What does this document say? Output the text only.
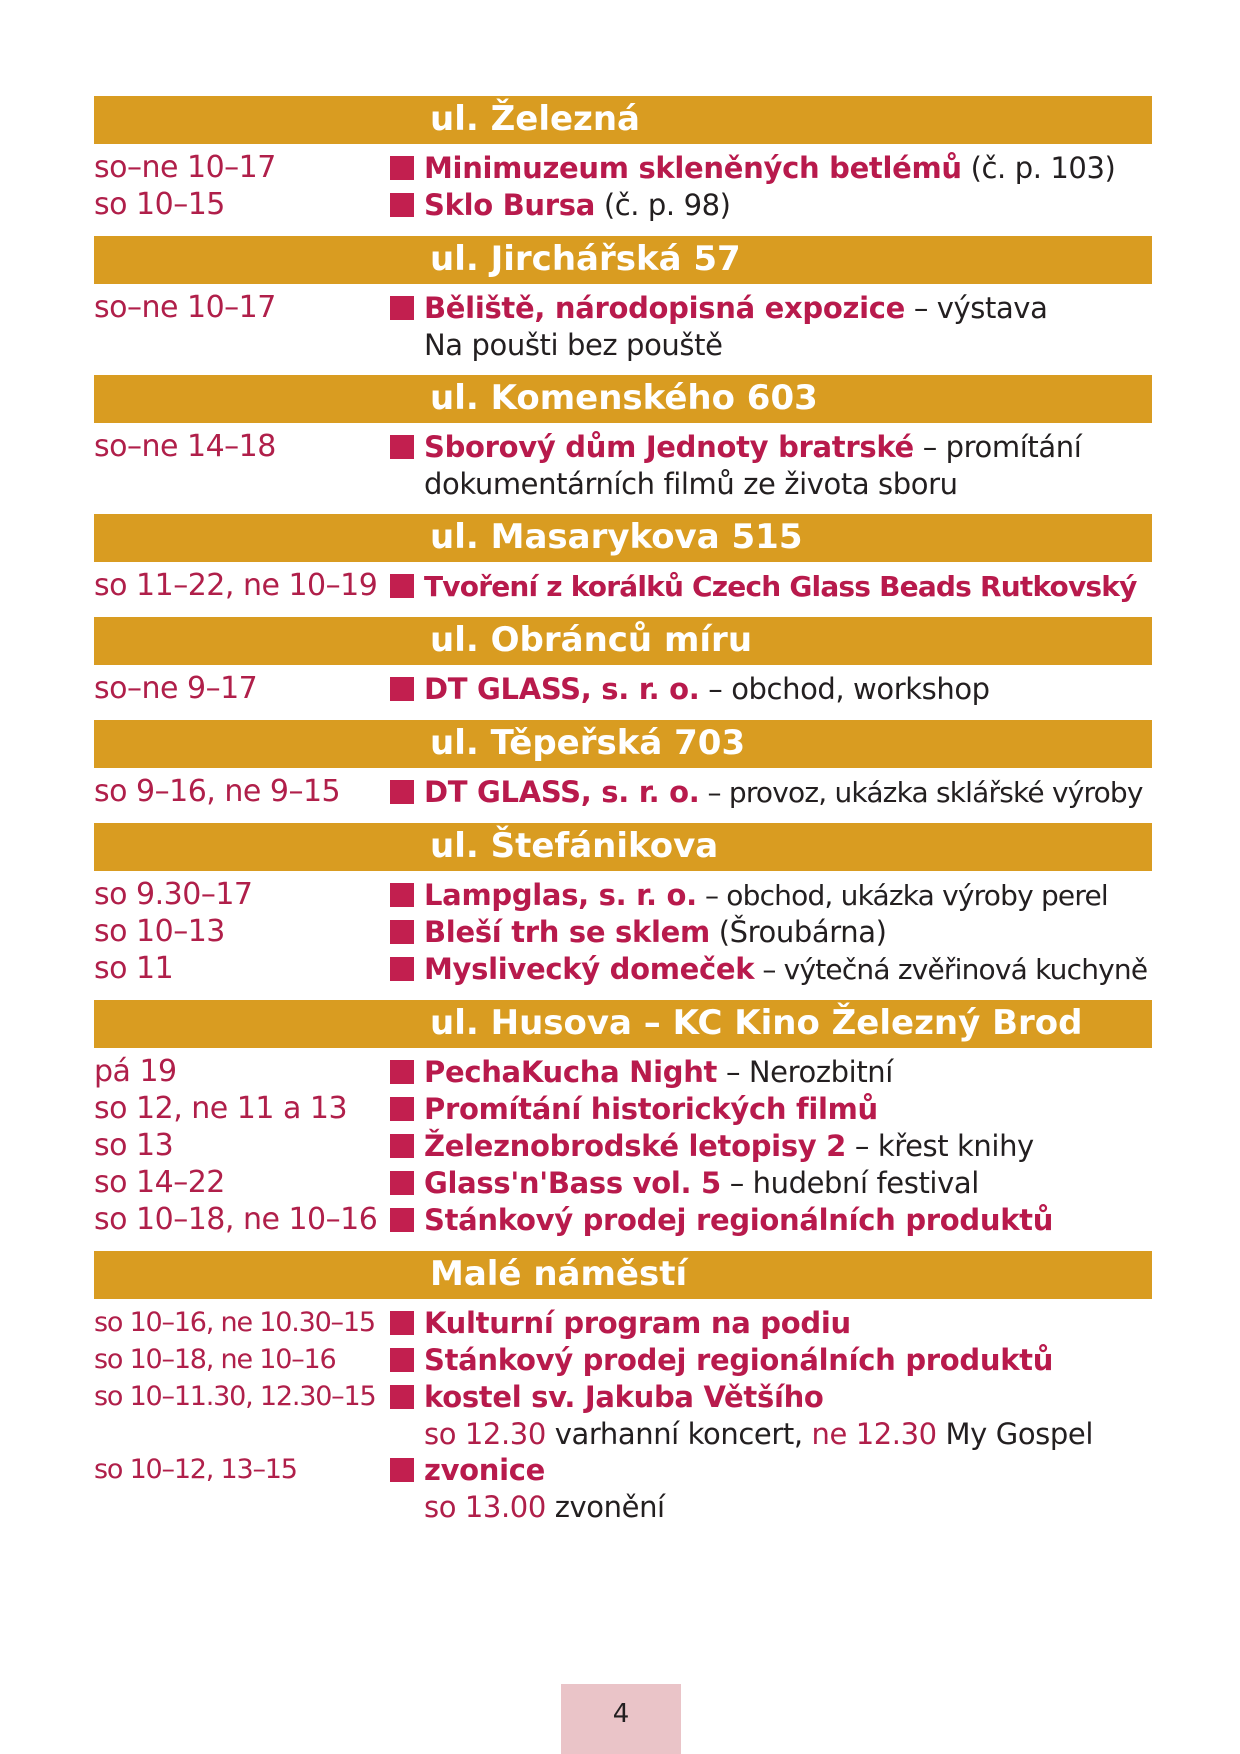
ul. Železná
so–ne 10–17	Minimuzeum skleněných betlémů (č. p. 103)
so 10–15	Sklo Bursa (č. p. 98)
ul. Jirchářská 57
so–ne 10–17	Běliště, národopisná expozice – výstava
Na poušti bez pouště
ul. Komenského 603
so–ne 14–18	Sborový dům Jednoty bratrské – promítání
dokumentárních filmů ze života sboru
ul. Masarykova 515
so 11–22, ne 10–19	Tvoření z korálků Czech Glass Beads Rutkovský
ul. Obránců míru
so–ne 9–17	DT GLASS, s. r. o. – obchod, workshop
ul. Těpeřská 703
so 9–16, ne 9–15	DT GLASS, s. r. o. – provoz, ukázka sklářské výroby
ul. Štefánikova
so 9.30–17	Lampglas, s. r. o. – obchod, ukázka výroby perel
so 10–13	Bleší trh se sklem (Šroubárna)
so 11	Myslivecký domeček – výtečná zvěřinová kuchyně
ul. Husova – KC Kino Železný Brod
pá 19	PechaKucha Night – Nerozbitní
so 12, ne 11 a 13	Promítání historických filmů
so 13	Železnobrodské letopisy 2 – křest knihy
so 14–22	Glass'n'Bass vol. 5 – hudební festival
so 10–18, ne 10–16	Stánkový prodej regionálních produktů
Malé náměstí
so 10–16, ne 10.30–15	Kulturní program na podiu
so 10–18, ne 10–16	Stánkový prodej regionálních produktů
so 10–11.30, 12.30–15	kostel sv. Jakuba Většího
so 12.30 varhanní koncert, ne 12.30 My Gospel
so 10–12, 13–15	zvonice
so 13.00 zvonění
4
